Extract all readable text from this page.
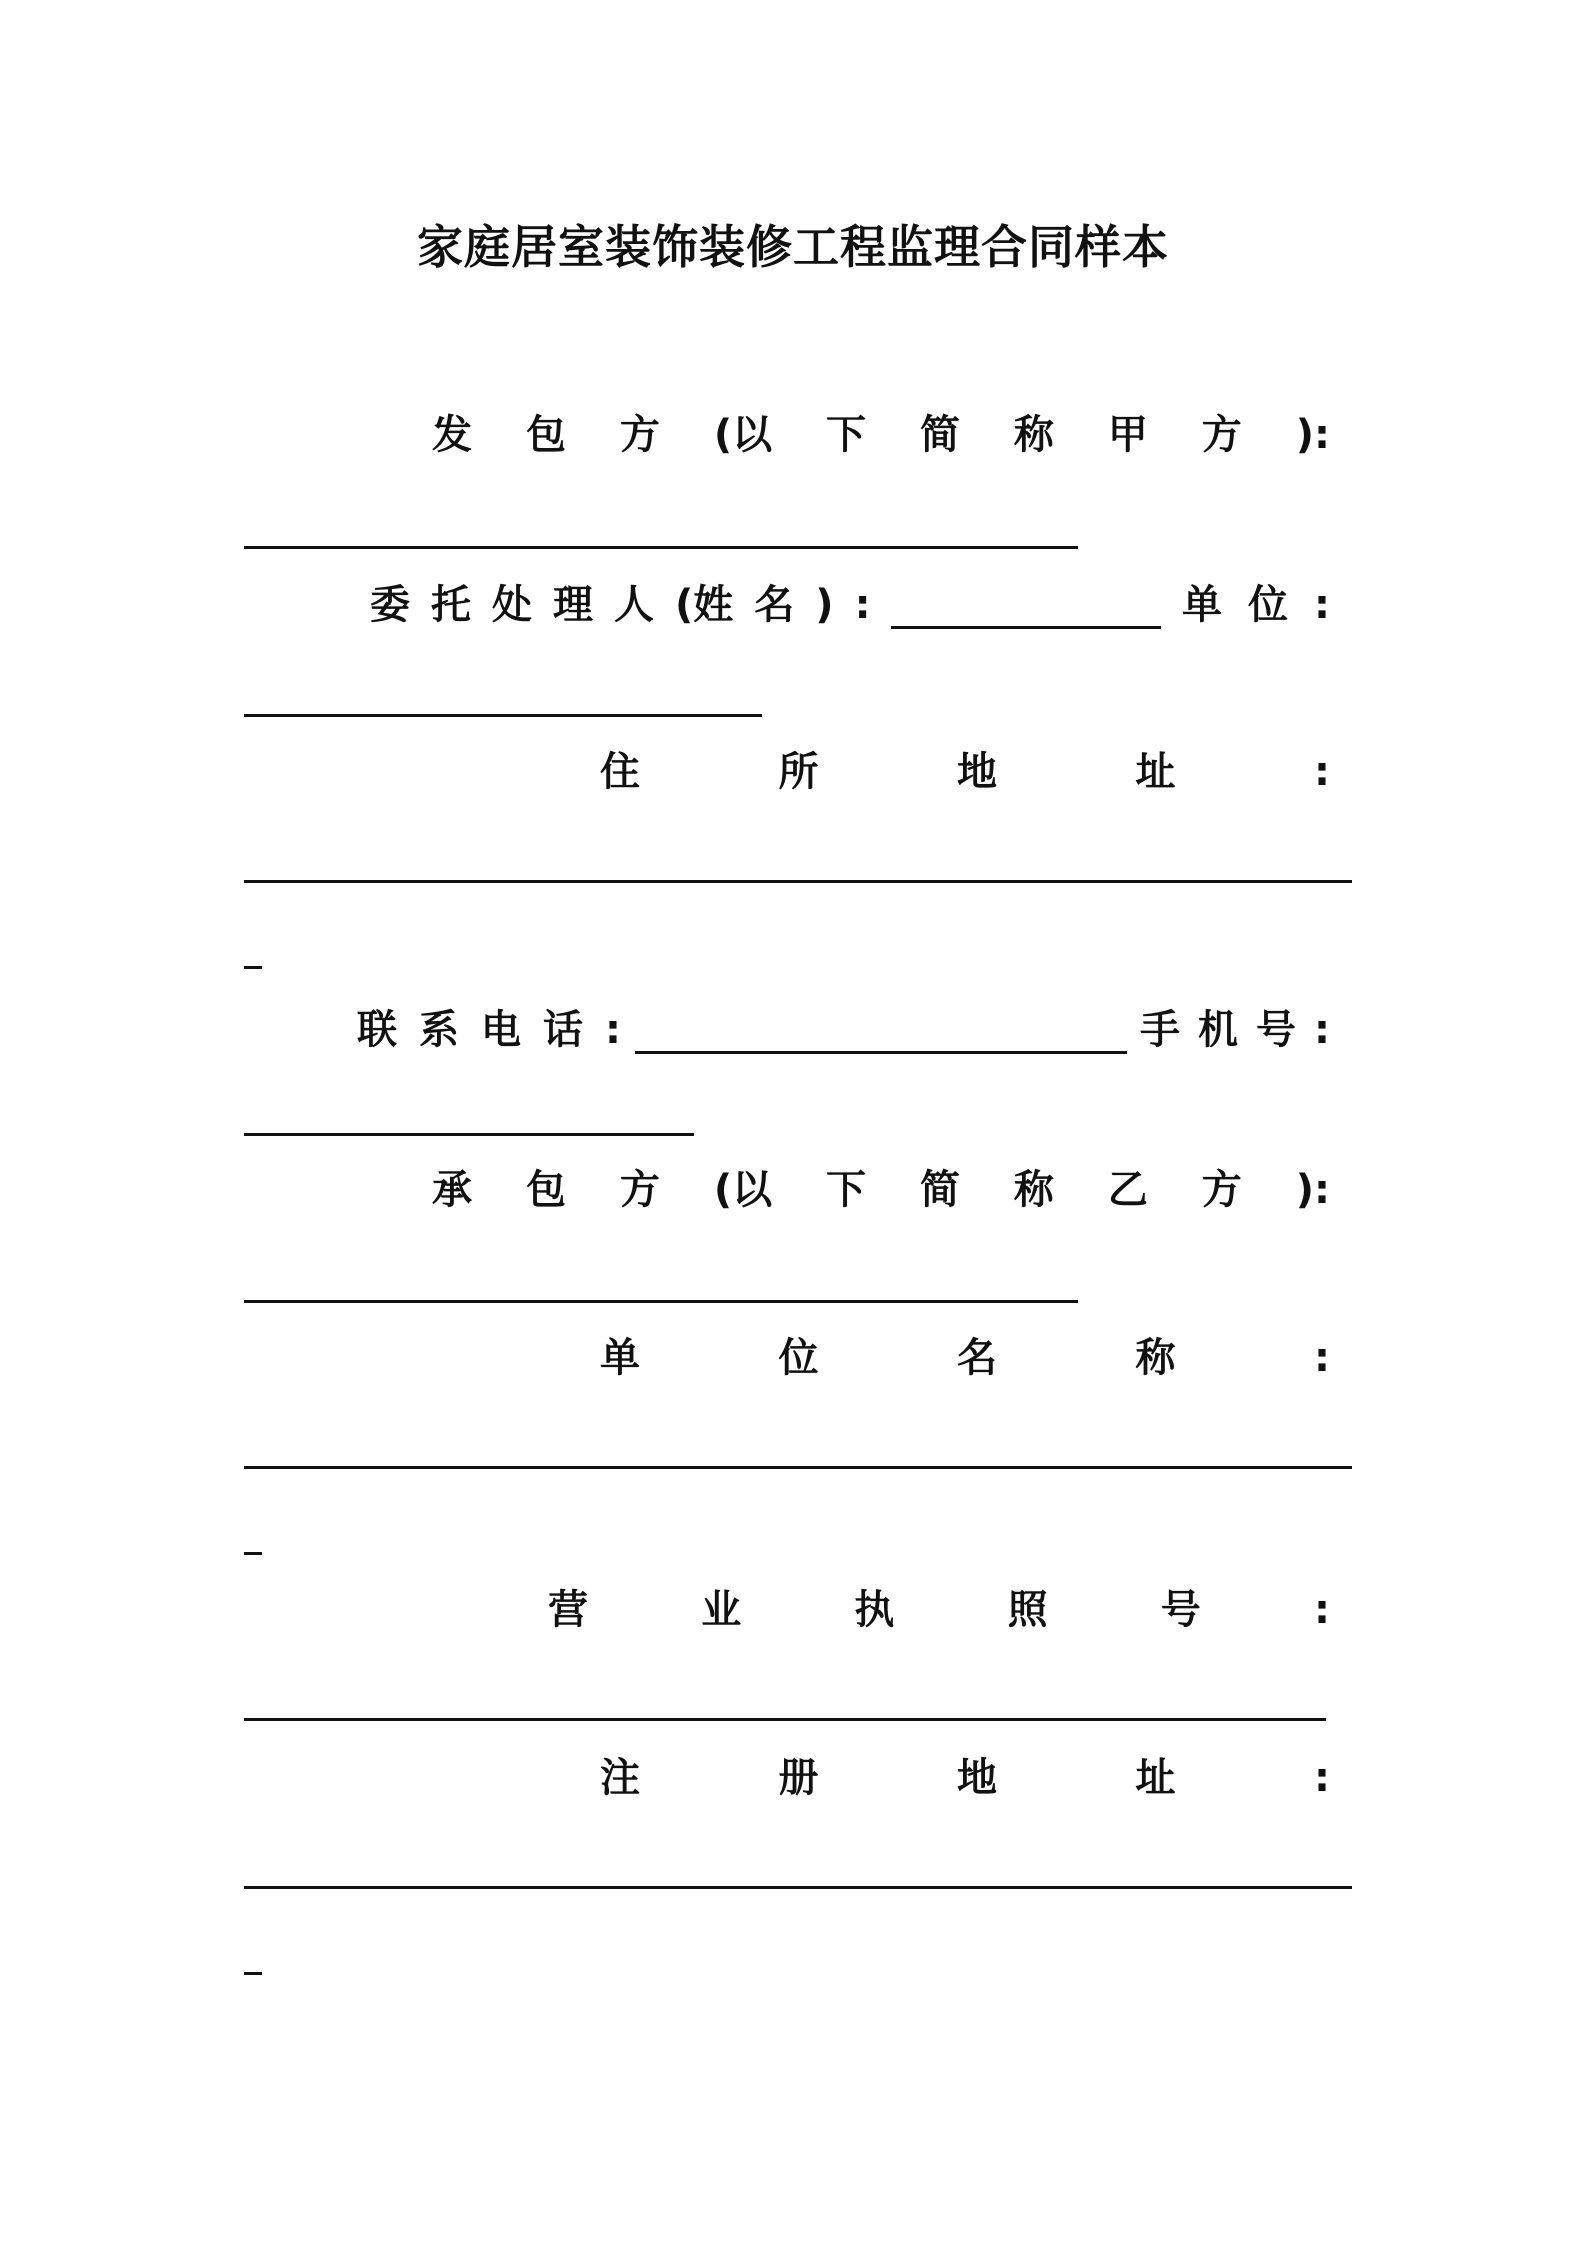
家庭居室装饰装修工程监理合同样本
发 包 方 (以 下 简 称 甲 方 ):
委 托 处 理 人 (姓 名 ) :	单 位 :
住	所	地	址	:
联 系 电 话 :	手 机 号 :
承 包 方 (以 下 简 称 乙 方 ):
单	位	名	称	:
营	业	执	照	号	:
注	册	地	址	:
